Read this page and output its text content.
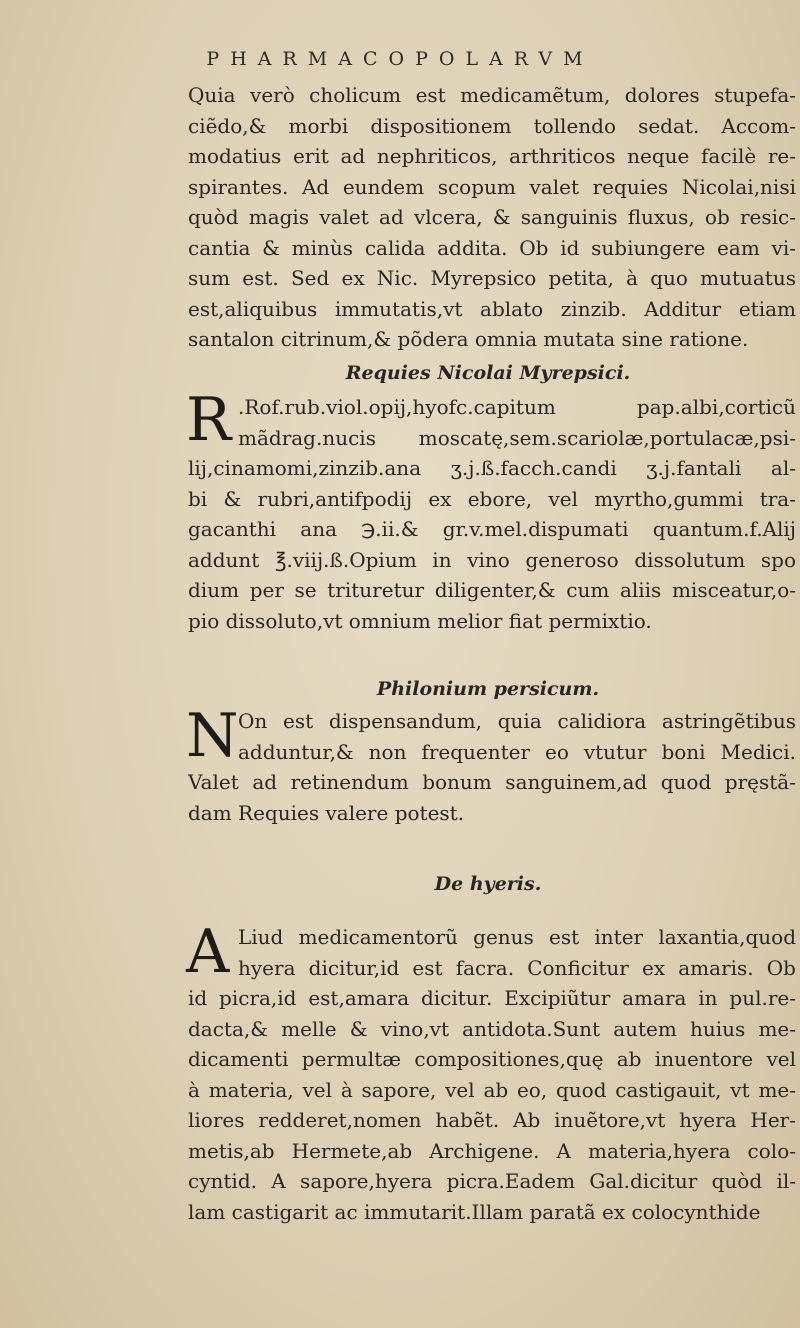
PHARMACOPOLARVM
Quia verò cholicum est medicamẽtum, dolores stupefa-
ciẽdo,& morbi dispositionem tollendo sedat. Accom-
modatius erit ad nephriticos, arthriticos neque facilè re-
spirantes. Ad eundem scopum valet requies Nicolai,nisi
quòd magis valet ad vlcera, & sanguinis fluxus, ob resic-
cantia & minùs calida addita. Ob id subiungere eam vi-
sum est. Sed ex Nic. Myrepsico petita, à quo mutuatus
est,aliquibus immutatis,vt ablato zinzib. Additur etiam
santalon citrinum,& põdera omnia mutata sine ratione.
Requies Nicolai Myrepsici.
R .Rof.rub.viol.opij,hyofc.capitum pap.albi,corticũ
mãdrag.nucis moscatę,sem.scariolæ,portulacæ,psi-
lij,cinamomi,zinzib.ana ʒ.j.ß.facch.candi ʒ.j.fantali al-
bi & rubri,antifpodij ex ebore, vel myrtho,gummi tra-
gacanthi ana ℈.ii.& gr.v.mel.dispumati quantum.f.Alij
addunt ℥.viij.ß.Opium in vino generoso dissolutum spo
dium per se trituretur diligenter,& cum aliis misceatur,o-
pio dissoluto,vt omnium melior fiat permixtio.
Philonium persicum.
N On est dispensandum, quia calidiora astringẽtibus
adduntur,& non frequenter eo vtutur boni Medici.
Valet ad retinendum bonum sanguinem,ad quod pręstã-
dam Requies valere potest.
De hyeris.
A Liud medicamentorũ genus est inter laxantia,quod
hyera dicitur,id est facra. Conficitur ex amaris. Ob
id picra,id est,amara dicitur. Excipiũtur amara in pul.re-
dacta,& melle & vino,vt antidota.Sunt autem huius me-
dicamenti permultæ compositiones,quę ab inuentore vel
à materia, vel à sapore, vel ab eo, quod castigauit, vt me-
liores redderet,nomen habẽt. Ab inuẽtore,vt hyera Her-
metis,ab Hermete,ab Archigene. A materia,hyera colo-
cyntid. A sapore,hyera picra.Eadem Gal.dicitur quòd il-
lam castigarit ac immutarit.Illam paratã ex colocynthide
